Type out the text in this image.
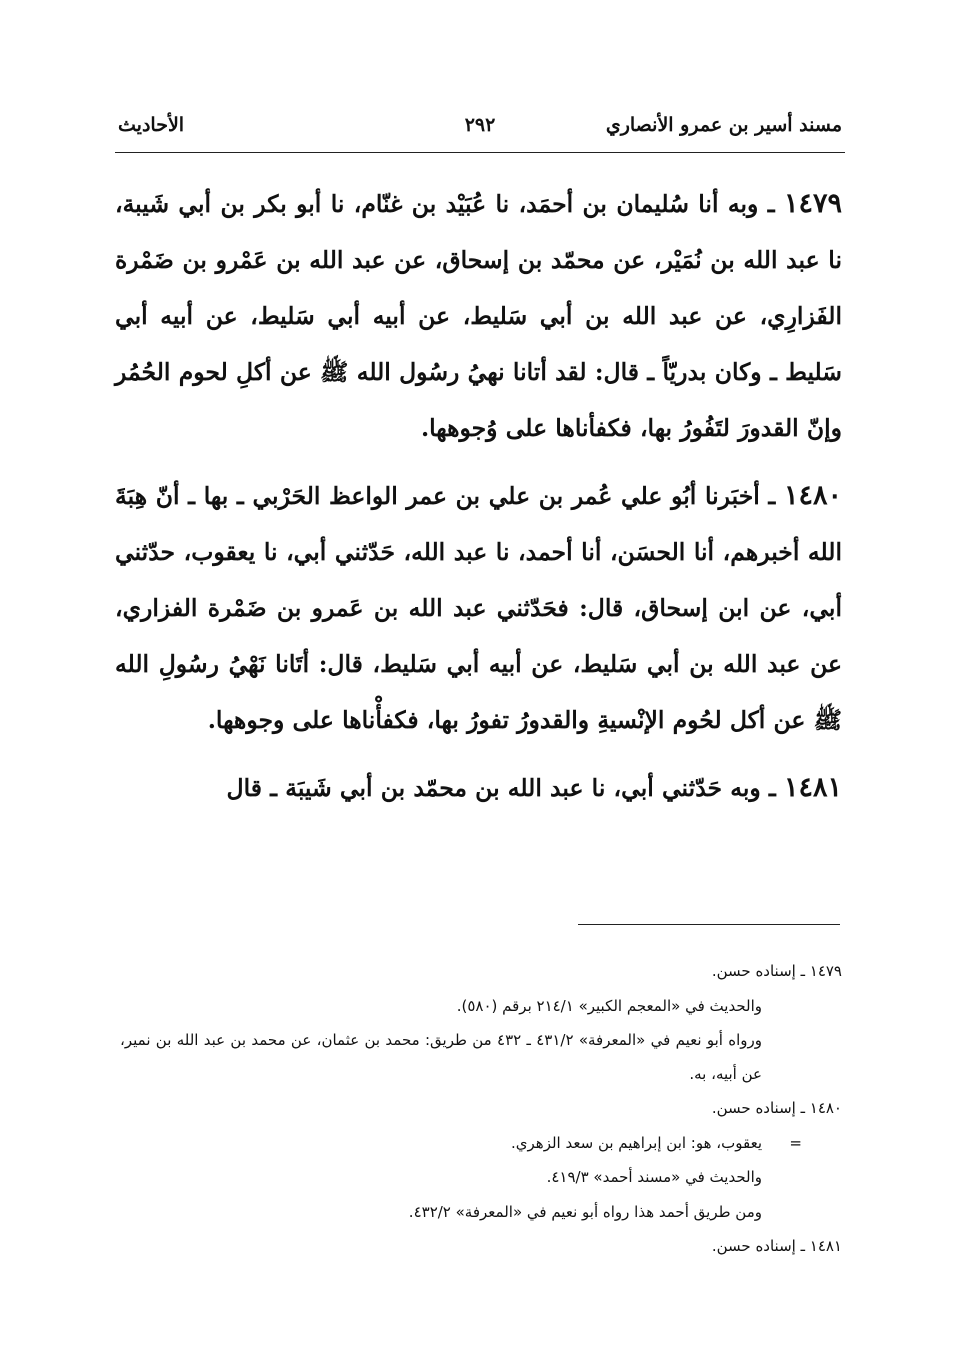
مسند أسير بن عمرو الأنصاري
٢٩٢
الأحاديث

١٤٧٩ ـ وبه أنا سُليمان بن أحمَد، نا عُبَيْد بن غنّام، نا أبو بكر بن أبي شَيبة، نا عبد الله بن نُمَيْر، عن محمّد بن إسحاق، عن عبد الله بن عَمْرو بن ضَمْرة الفَزارِي، عن عبد الله بن أبي سَليط، عن أبيه أبي سَليط، عن أبيه أبي سَليط ـ وكان بدريّاً ـ قال: لقد أتانا نهيُ رسُول الله ﷺ عن أكلِ لحوم الحُمُر وإنّ القدورَ لتَفُورُ بها، فكفأناها على وُجوهها.

١٤٨٠ ـ أخبَرنا أبُو علي عُمر بن علي بن عمر الواعظ الحَرْبي ـ بها ـ أنّ هِبَةَ الله أخبرهم، أنا الحسَن، أنا أحمد، نا عبد الله، حَدّثني أبي، نا يعقوب، حدّثني أبي، عن ابن إسحاق، قال: فحَدّثني عبد الله بن عَمرو بن ضَمْرة الفزاري، عن عبد الله بن أبي سَليط، عن أبيه أبي سَليط، قال: أتَانا نَهْيُ رسُولِ الله ﷺ عن أكل لحُوم الإنْسيةِ والقدورُ تفورُ بها، فكفأْناها على وجوهها.

١٤٨١ ـ وبه حَدّثني أبي، نا عبد الله بن محمّد بن أبي شَيبَة ـ قال

١٤٧٩ ـ إسناده حسن.

والحديث في «المعجم الكبير» ٢١٤/١ برقم (٥٨٠).

ورواه أبو نعيم في «المعرفة» ٤٣١/٢ ـ ٤٣٢ من طريق: محمد بن عثمان، عن محمد بن عبد الله بن نمير، عن أبيه، به.

١٤٨٠ ـ إسناده حسن.

=يعقوب، هو: ابن إبراهيم بن سعد الزهري.

والحديث في «مسند أحمد» ٤١٩/٣.

ومن طريق أحمد هذا رواه أبو نعيم في «المعرفة» ٤٣٢/٢.

١٤٨١ ـ إسناده حسن.
